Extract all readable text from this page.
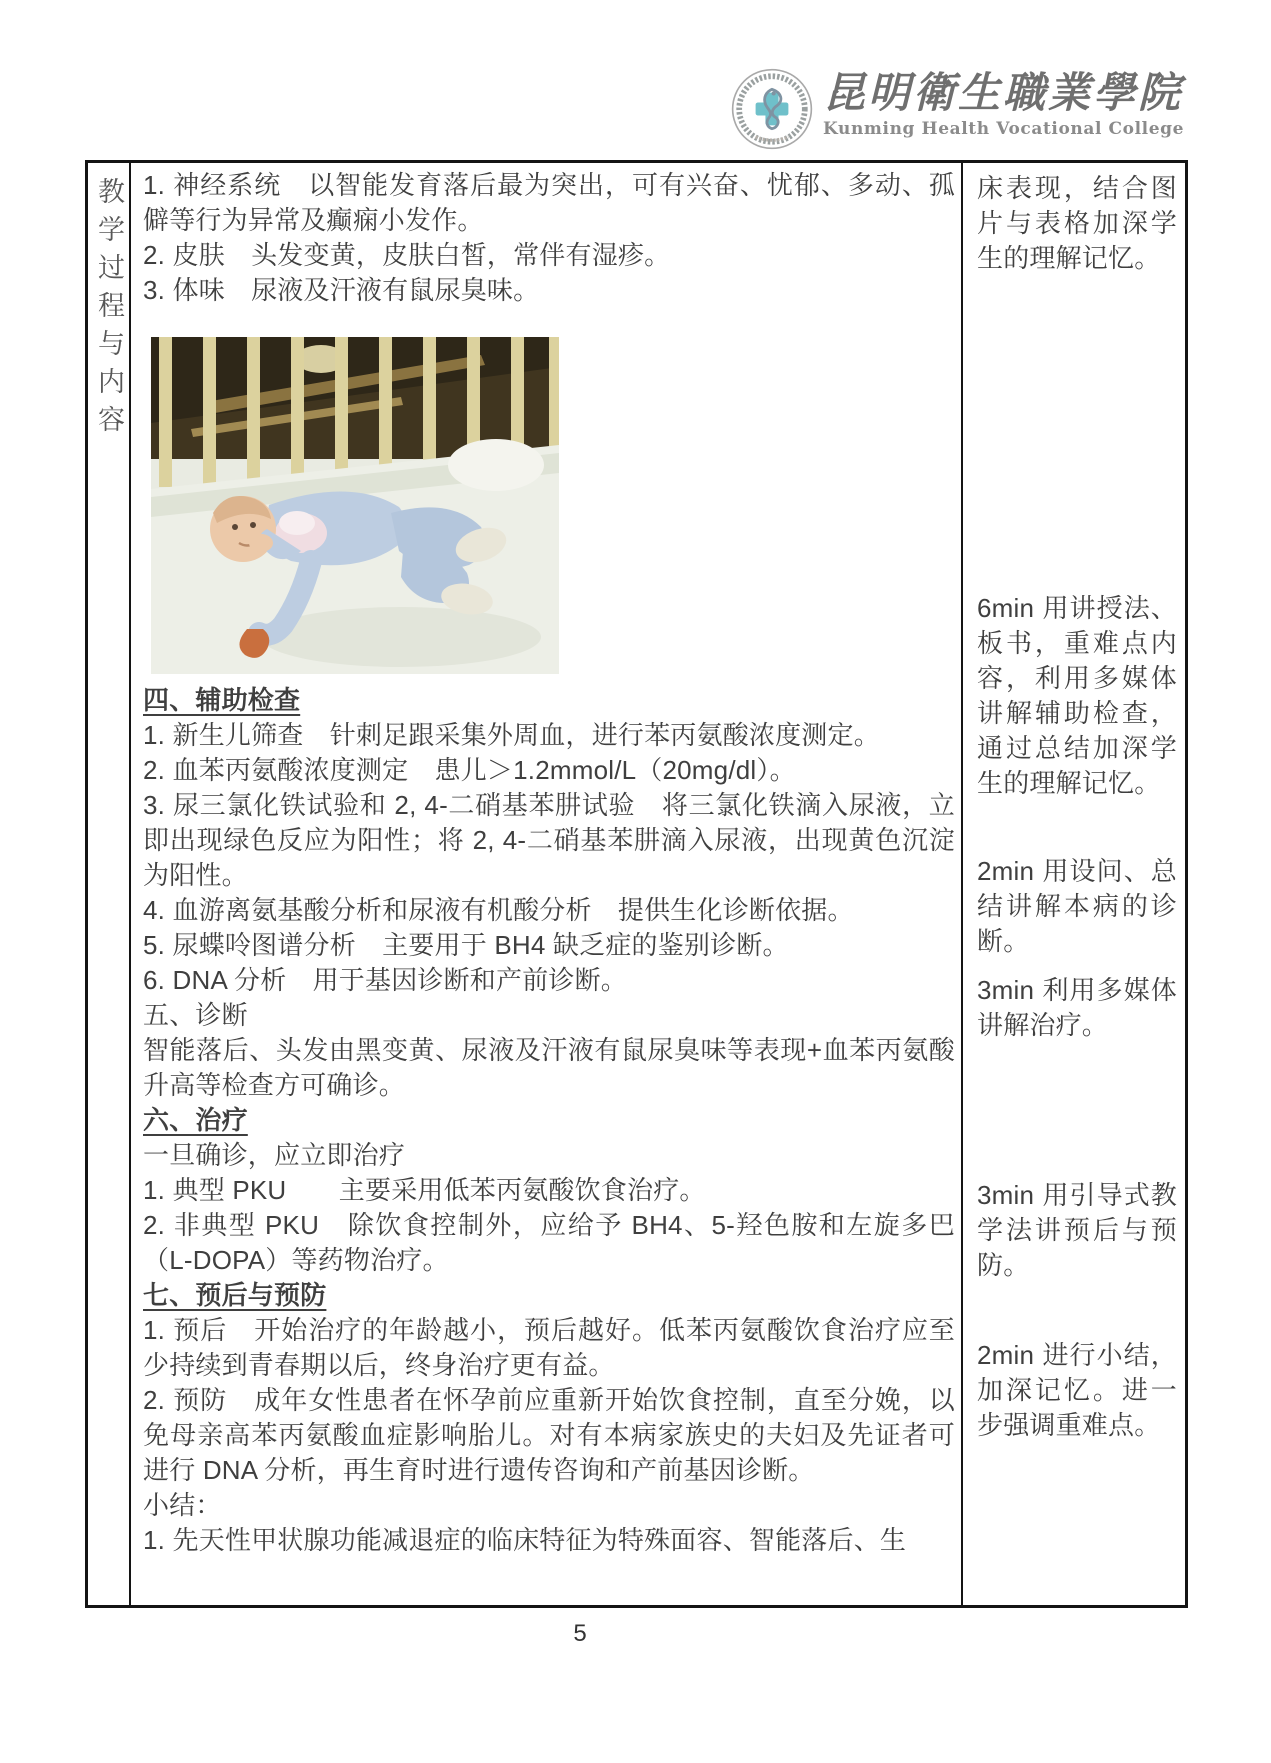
昆明衛生職業學院
Kunming Health Vocational College
教学过程与内容 1. 神经系统　以智能发育落后最为突出，可有兴奋、忧郁、多动、孤僻等行为异常及癫痫小发作。

2. 皮肤　头发变黄，皮肤白皙，常伴有湿疹。

3. 体味　尿液及汗液有鼠尿臭味。

四、辅助检查

1. 新生儿筛查　针刺足跟采集外周血，进行苯丙氨酸浓度测定。

2. 血苯丙氨酸浓度测定　患儿＞1.2mmol/L（20mg/dl）。

3. 尿三氯化铁试验和 2, 4-二硝基苯肼试验　将三氯化铁滴入尿液，立即出现绿色反应为阳性；将 2, 4-二硝基苯肼滴入尿液，出现黄色沉淀为阳性。

4. 血游离氨基酸分析和尿液有机酸分析　提供生化诊断依据。

5. 尿蝶呤图谱分析　主要用于 BH4 缺乏症的鉴别诊断。

6. DNA 分析　用于基因诊断和产前诊断。

五、诊断

智能落后、头发由黑变黄、尿液及汗液有鼠尿臭味等表现+血苯丙氨酸升高等检查方可确诊。

六、治疗

一旦确诊，应立即治疗

1. 典型 PKU　　主要采用低苯丙氨酸饮食治疗。

2. 非典型 PKU　除饮食控制外，应给予 BH4、5-羟色胺和左旋多巴（L-DOPA）等药物治疗。

七、预后与预防

1. 预后　开始治疗的年龄越小，预后越好。低苯丙氨酸饮食治疗应至少持续到青春期以后，终身治疗更有益。

2. 预防　成年女性患者在怀孕前应重新开始饮食控制，直至分娩，以免母亲高苯丙氨酸血症影响胎儿。对有本病家族史的夫妇及先证者可进行 DNA 分析，再生育时进行遗传咨询和产前基因诊断。

小结：

1. 先天性甲状腺功能减退症的临床特征为特殊面容、智能落后、生

床表现，结合图片与表格加深学生的理解记忆。
6min 用讲授法、板书，重难点内容，利用多媒体讲解辅助检查，通过总结加深学生的理解记忆。
2min 用设问、总结讲解本病的诊断。
3min 利用多媒体讲解治疗。
3min 用引导式教学法讲预后与预防。
2min 进行小结，加深记忆。进一步强调重难点。
5
